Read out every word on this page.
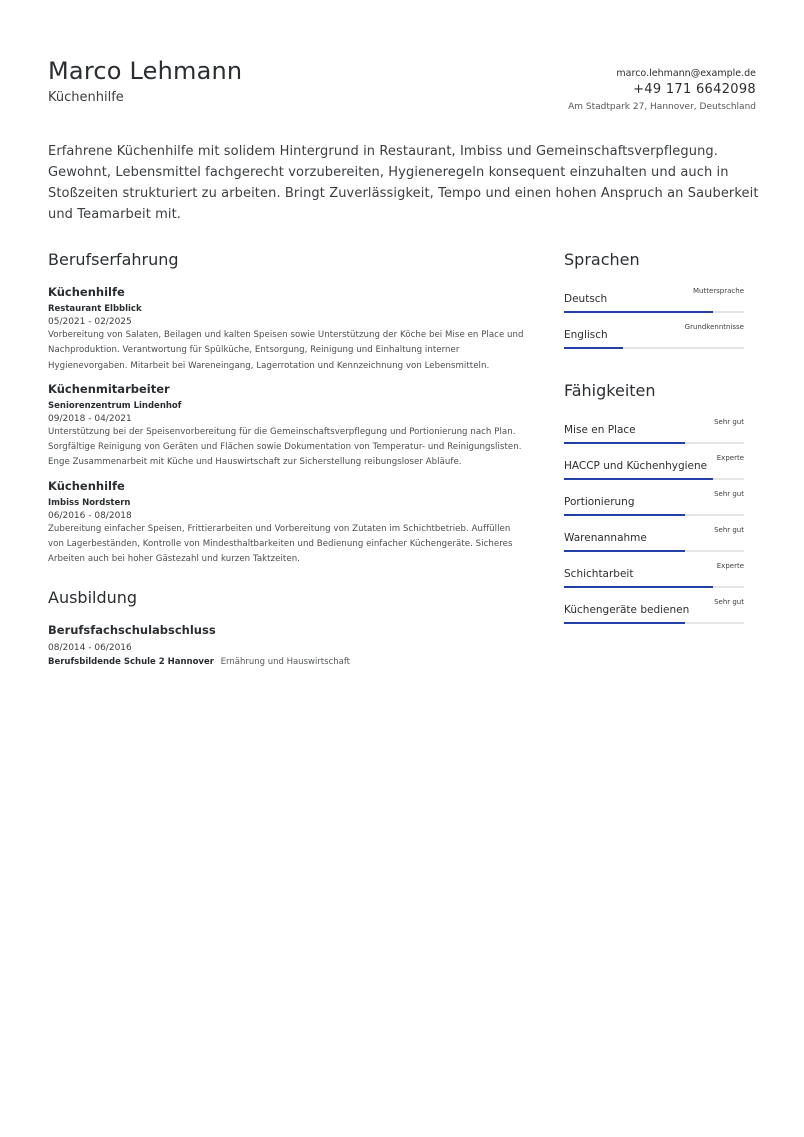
Marco Lehmann
Küchenhilfe
marco.lehmann@example.de
+49 171 6642098
Am Stadtpark 27, Hannover, Deutschland
Erfahrene Küchenhilfe mit solidem Hintergrund in Restaurant, Imbiss und Gemeinschaftsverpflegung. Gewohnt, Lebensmittel fachgerecht vorzubereiten, Hygieneregeln konsequent einzuhalten und auch in Stoßzeiten strukturiert zu arbeiten. Bringt Zuverlässigkeit, Tempo und einen hohen Anspruch an Sauberkeit und Teamarbeit mit.
Berufserfahrung
Küchenhilfe
Restaurant Elbblick
05/2021 - 02/2025
Vorbereitung von Salaten, Beilagen und kalten Speisen sowie Unterstützung der Köche bei Mise en Place und Nachproduktion. Verantwortung für Spülküche, Entsorgung, Reinigung und Einhaltung interner Hygienevorgaben. Mitarbeit bei Wareneingang, Lagerrotation und Kennzeichnung von Lebensmitteln.
Küchenmitarbeiter
Seniorenzentrum Lindenhof
09/2018 - 04/2021
Unterstützung bei der Speisenvorbereitung für die Gemeinschaftsverpflegung und Portionierung nach Plan. Sorgfältige Reinigung von Geräten und Flächen sowie Dokumentation von Temperatur- und Reinigungslisten. Enge Zusammenarbeit mit Küche und Hauswirtschaft zur Sicherstellung reibungsloser Abläufe.
Küchenhilfe
Imbiss Nordstern
06/2016 - 08/2018
Zubereitung einfacher Speisen, Frittierarbeiten und Vorbereitung von Zutaten im Schichtbetrieb. Auffüllen von Lagerbeständen, Kontrolle von Mindesthaltbarkeiten und Bedienung einfacher Küchengeräte. Sicheres Arbeiten auch bei hoher Gästezahl und kurzen Taktzeiten.
Ausbildung
Berufsfachschulabschluss
08/2014 - 06/2016
Berufsbildende Schule 2 Hannover Ernährung und Hauswirtschaft
Sprachen
Deutsch
Muttersprache
Englisch
Grundkenntnisse
Fähigkeiten
Mise en Place
Sehr gut
HACCP und Küchenhygiene
Experte
Portionierung
Sehr gut
Warenannahme
Sehr gut
Schichtarbeit
Experte
Küchengeräte bedienen
Sehr gut
